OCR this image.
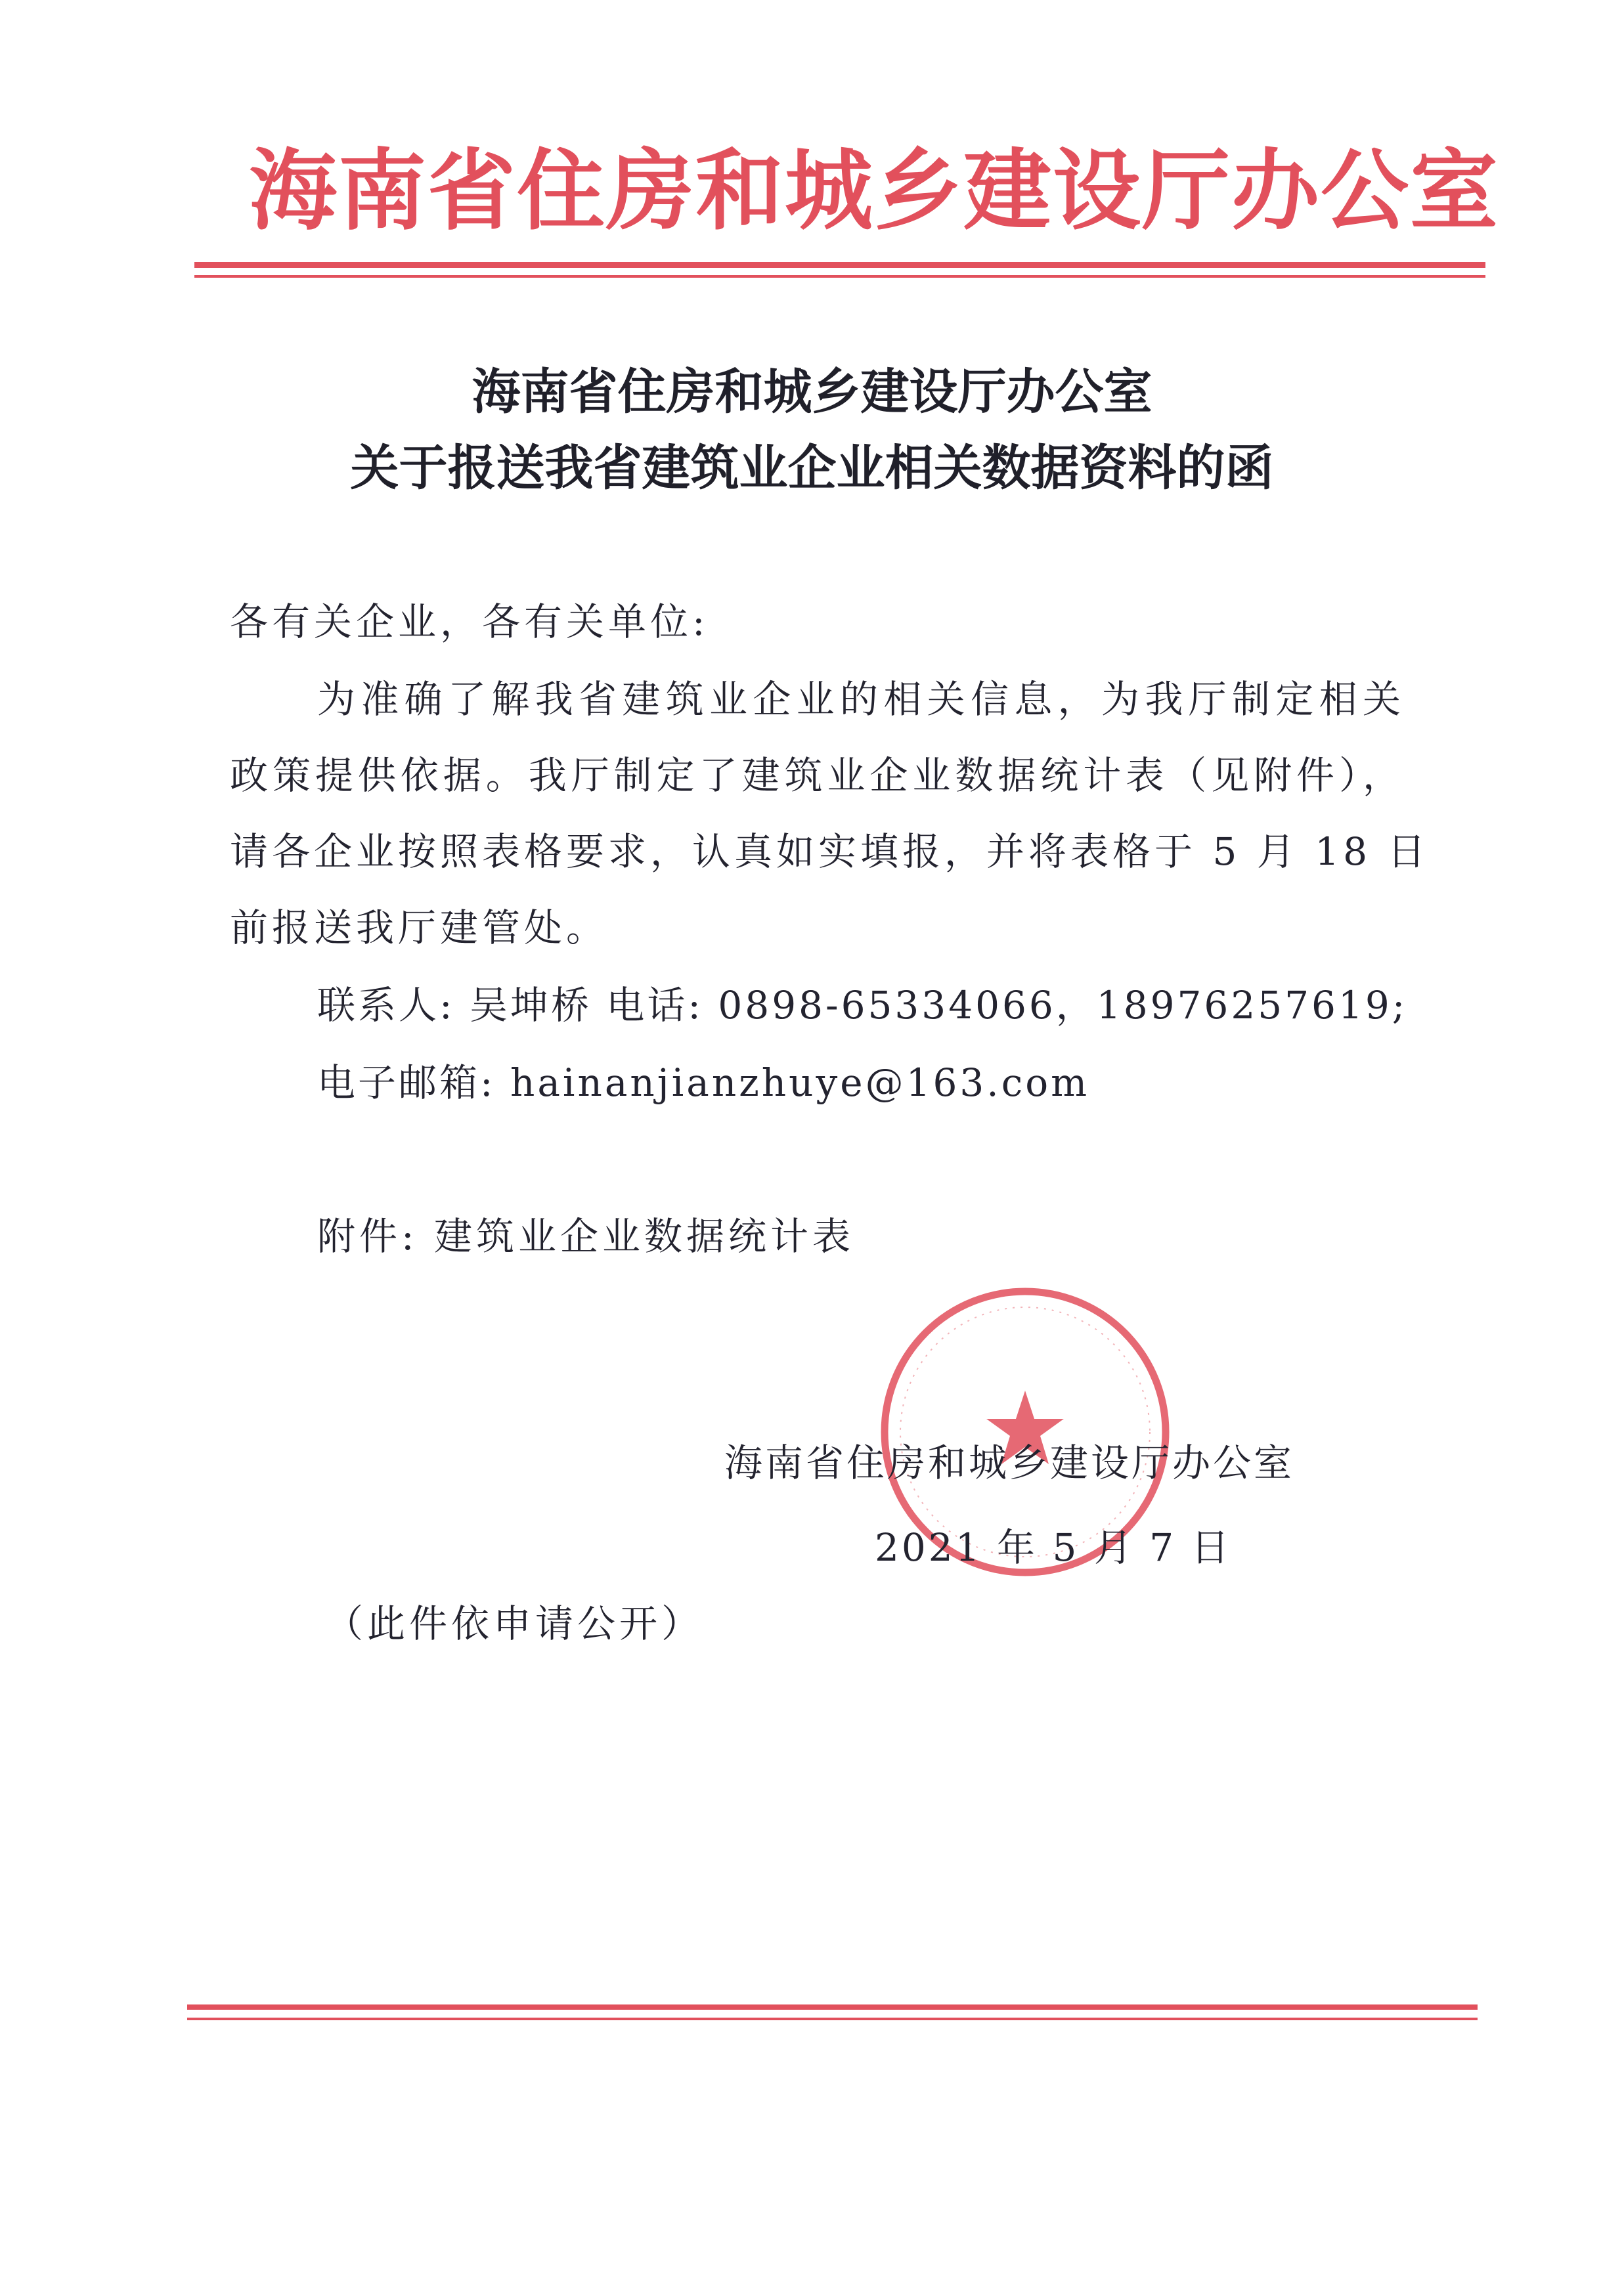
海南省住房和城乡建设厅办公室
海南省住房和城乡建设厅办公室
关于报送我省建筑业企业相关数据资料的函
各有关企业，各有关单位:
为准确了解我省建筑业企业的相关信息，为我厅制定相关
政策提供依据。我厅制定了建筑业企业数据统计表（见附件），
请各企业按照表格要求，认真如实填报，并将表格于 5 月 18 日
前报送我厅建管处。
联系人: 吴坤桥 电话: 0898-65334066，18976257619;
电子邮箱: hainanjianzhuye@163.com
附件: 建筑业企业数据统计表
海南省住房和城乡建设厅办公室
2021 年 5 月 7 日
（此件依申请公开）
